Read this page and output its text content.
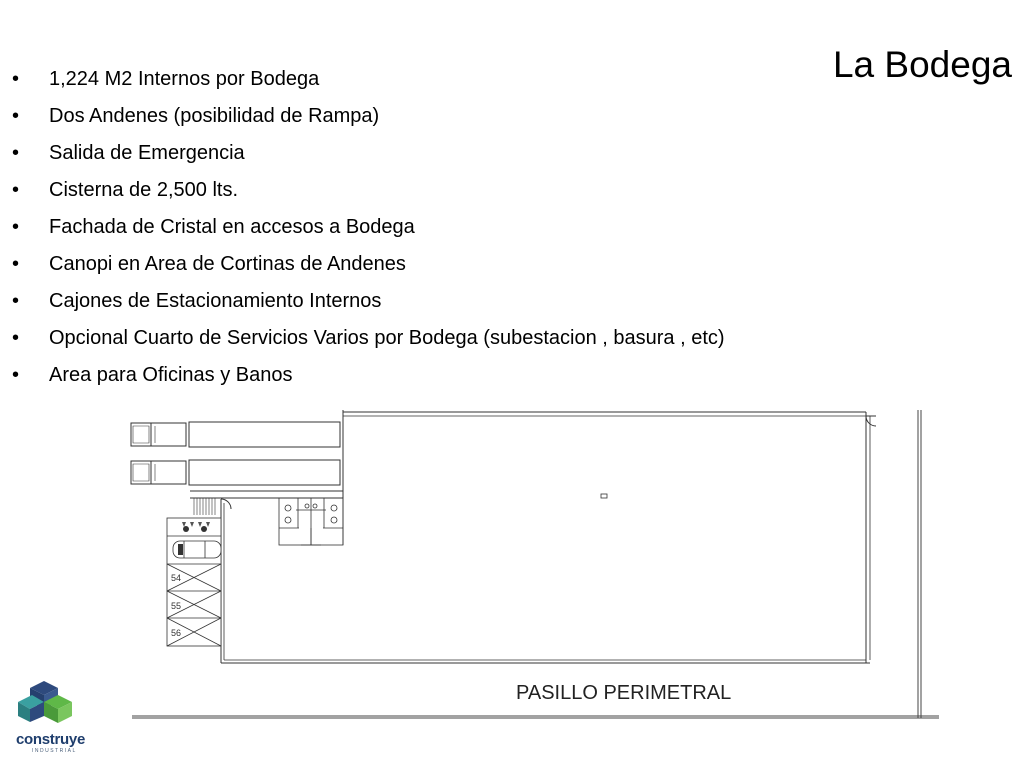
La Bodega
• 1,224 M2 Internos por Bodega
• Dos Andenes (posibilidad de Rampa)
• Salida de Emergencia
• Cisterna de 2,500 lts.
• Fachada de Cristal en accesos a Bodega
• Canopi en Area de Cortinas de Andenes
• Cajones de Estacionamiento Internos
• Opcional Cuarto de Servicios Varios por Bodega (subestacion , basura , etc)
• Area para Oficinas y Banos
54
55
56
PASILLO PERIMETRAL
construye
INDUSTRIAL
